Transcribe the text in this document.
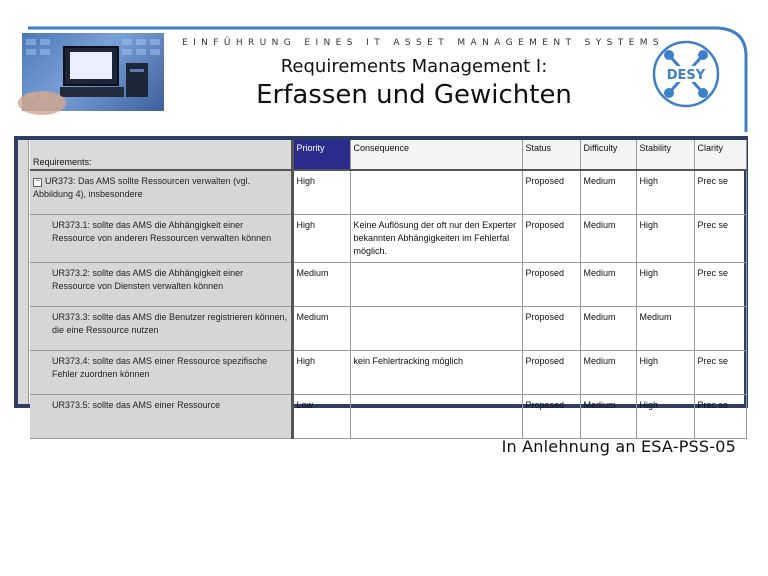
EINFÜHRUNG EINES IT ASSET MANAGEMENT SYSTEMS
Requirements Management I:
Erfassen und Gewichten
DESY
Requirements:	Priority	Consequence	Status	Difficulty	Stability	Clarity
− UR373: Das AMS sollte Ressourcen verwalten (vgl. Abbildung 4), insbesondere	High		Proposed	Medium	High	Prec se
UR373.1: sollte das AMS die Abhängigkeit einer Ressource von anderen Ressourcen verwalten können	High	Keine Auflösung der oft nur den Experter bekannten Abhängigkeiten im Fehlerfal möglich.	Proposed	Medium	High	Prec se
UR373.2: sollte das AMS die Abhängigkeit einer Ressource von Diensten verwalten können	Medium		Proposed	Medium	High	Prec se
UR373.3: sollte das AMS die Benutzer registrieren können, die eine Ressource nutzen	Medium		Proposed	Medium	Medium	
UR373.4: sollte das AMS einer Ressource spezifische Fehler zuordnen können	High	kein Fehlertracking möglich	Proposed	Medium	High	Prec se
UR373.5: sollte das AMS einer Ressource	Low		Proposed	Medium	High	Prec se
In Anlehnung an ESA-PSS-05
